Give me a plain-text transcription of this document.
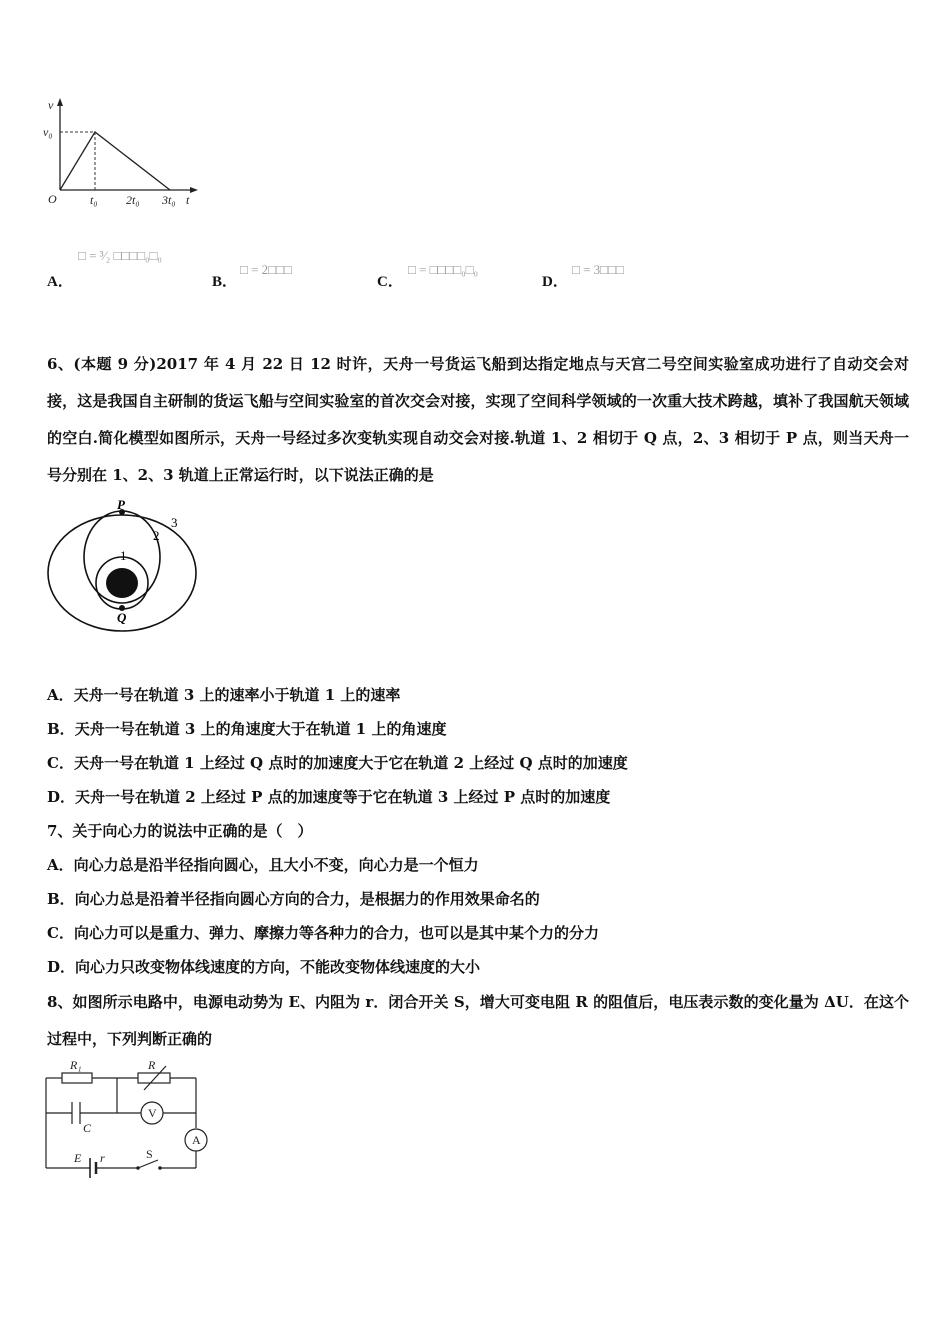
v
v₀
O	t₀ 2t₀ 3t₀ t
A．
□ = ³⁄₂ □□□□₀□₀
B．
□ = 2□□□
C．
□ = □□□□₀□₀
D．
□ = 3□□□
6、(本题 9 分)2017 年 4 月 22 日 12 时许，天舟一号货运飞船到达指定地点与天宫二号空间实验室成功进行了自动交会对接，这是我国自主研制的货运飞船与空间实验室的首次交会对接，实现了空间科学领域的一次重大技术跨越，填补了我国航天领域的空白.简化模型如图所示，天舟一号经过多次变轨实现自动交会对接.轨道 1、2 相切于 Q 点，2、3 相切于 P 点，则当天舟一号分别在 1、2、3 轨道上正常运行时，以下说法正确的是
P
Q
1
2
3
A．天舟一号在轨道 3 上的速率小于轨道 1 上的速率
B．天舟一号在轨道 3 上的角速度大于在轨道 1 上的角速度
C．天舟一号在轨道 1 上经过 Q 点时的加速度大于它在轨道 2 上经过 Q 点时的加速度
D．天舟一号在轨道 2 上经过 P 点的加速度等于它在轨道 3 上经过 P 点时的加速度
7、关于向心力的说法中正确的是（　）
A．向心力总是沿半径指向圆心，且大小不变，向心力是一个恒力
B．向心力总是沿着半径指向圆心方向的合力，是根据力的作用效果命名的
C．向心力可以是重力、弹力、摩擦力等各种力的合力，也可以是其中某个力的分力
D．向心力只改变物体线速度的方向，不能改变物体线速度的大小
8、如图所示电路中，电源电动势为 E、内阻为 r．闭合开关 S，增大可变电阻 R 的阻值后，电压表示数的变化量为 ΔU．在这个过程中，下列判断正确的
R₁	R
C
V
A
E r	S
